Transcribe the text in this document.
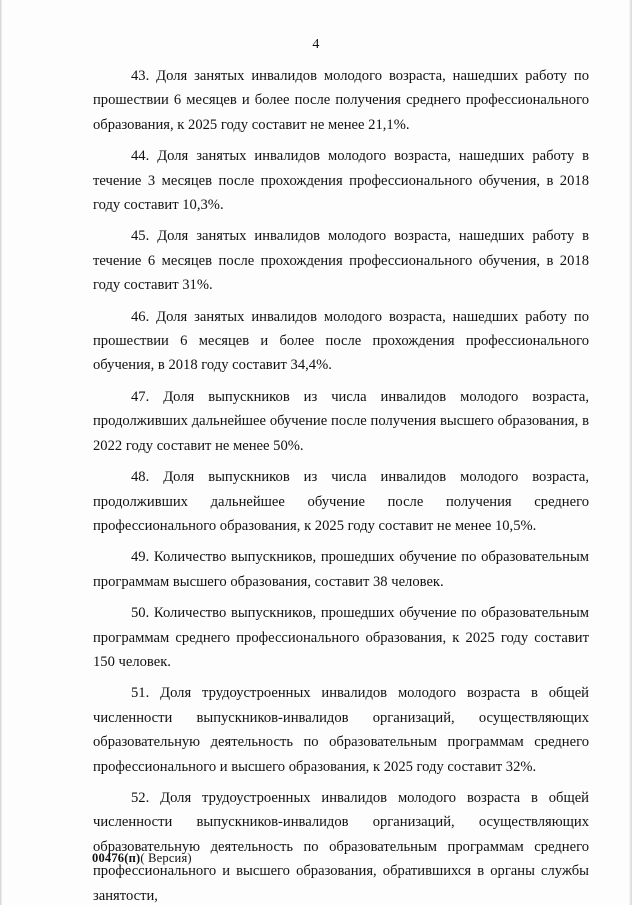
4

43. Доля занятых инвалидов молодого возраста, нашедших работу по прошествии 6 месяцев и более после получения среднего профессионального образования, к 2025 году составит не менее 21,1%.

44. Доля занятых инвалидов молодого возраста, нашедших работу в течение 3 месяцев после прохождения профессионального обучения, в 2018 году составит 10,3%.

45. Доля занятых инвалидов молодого возраста, нашедших работу в течение 6 месяцев после прохождения профессионального обучения, в 2018 году составит 31%.

46. Доля занятых инвалидов молодого возраста, нашедших работу по прошествии 6 месяцев и более после прохождения профессионального обучения, в 2018 году составит 34,4%.

47. Доля выпускников из числа инвалидов молодого возраста, продолживших дальнейшее обучение после получения высшего образования, в 2022 году составит не менее 50%.

48. Доля выпускников из числа инвалидов молодого возраста, продолживших дальнейшее обучение после получения среднего профессионального образования, к 2025 году составит не менее 10,5%.

49. Количество выпускников, прошедших обучение по образовательным программам высшего образования, составит 38 человек.

50. Количество выпускников, прошедших обучение по образовательным программам среднего профессионального образования, к 2025 году составит 150 человек.

51. Доля трудоустроенных инвалидов молодого возраста в общей численности выпускников-инвалидов организаций, осуществляющих образовательную деятельность по образовательным программам среднего профессионального и высшего образования, к 2025 году составит 32%.

52. Доля трудоустроенных инвалидов молодого возраста в общей численности выпускников-инвалидов организаций, осуществляющих образовательную деятельность по образовательным программам среднего профессионального и высшего образования, обратившихся в органы службы занятости,

00476(п)( Версия)
